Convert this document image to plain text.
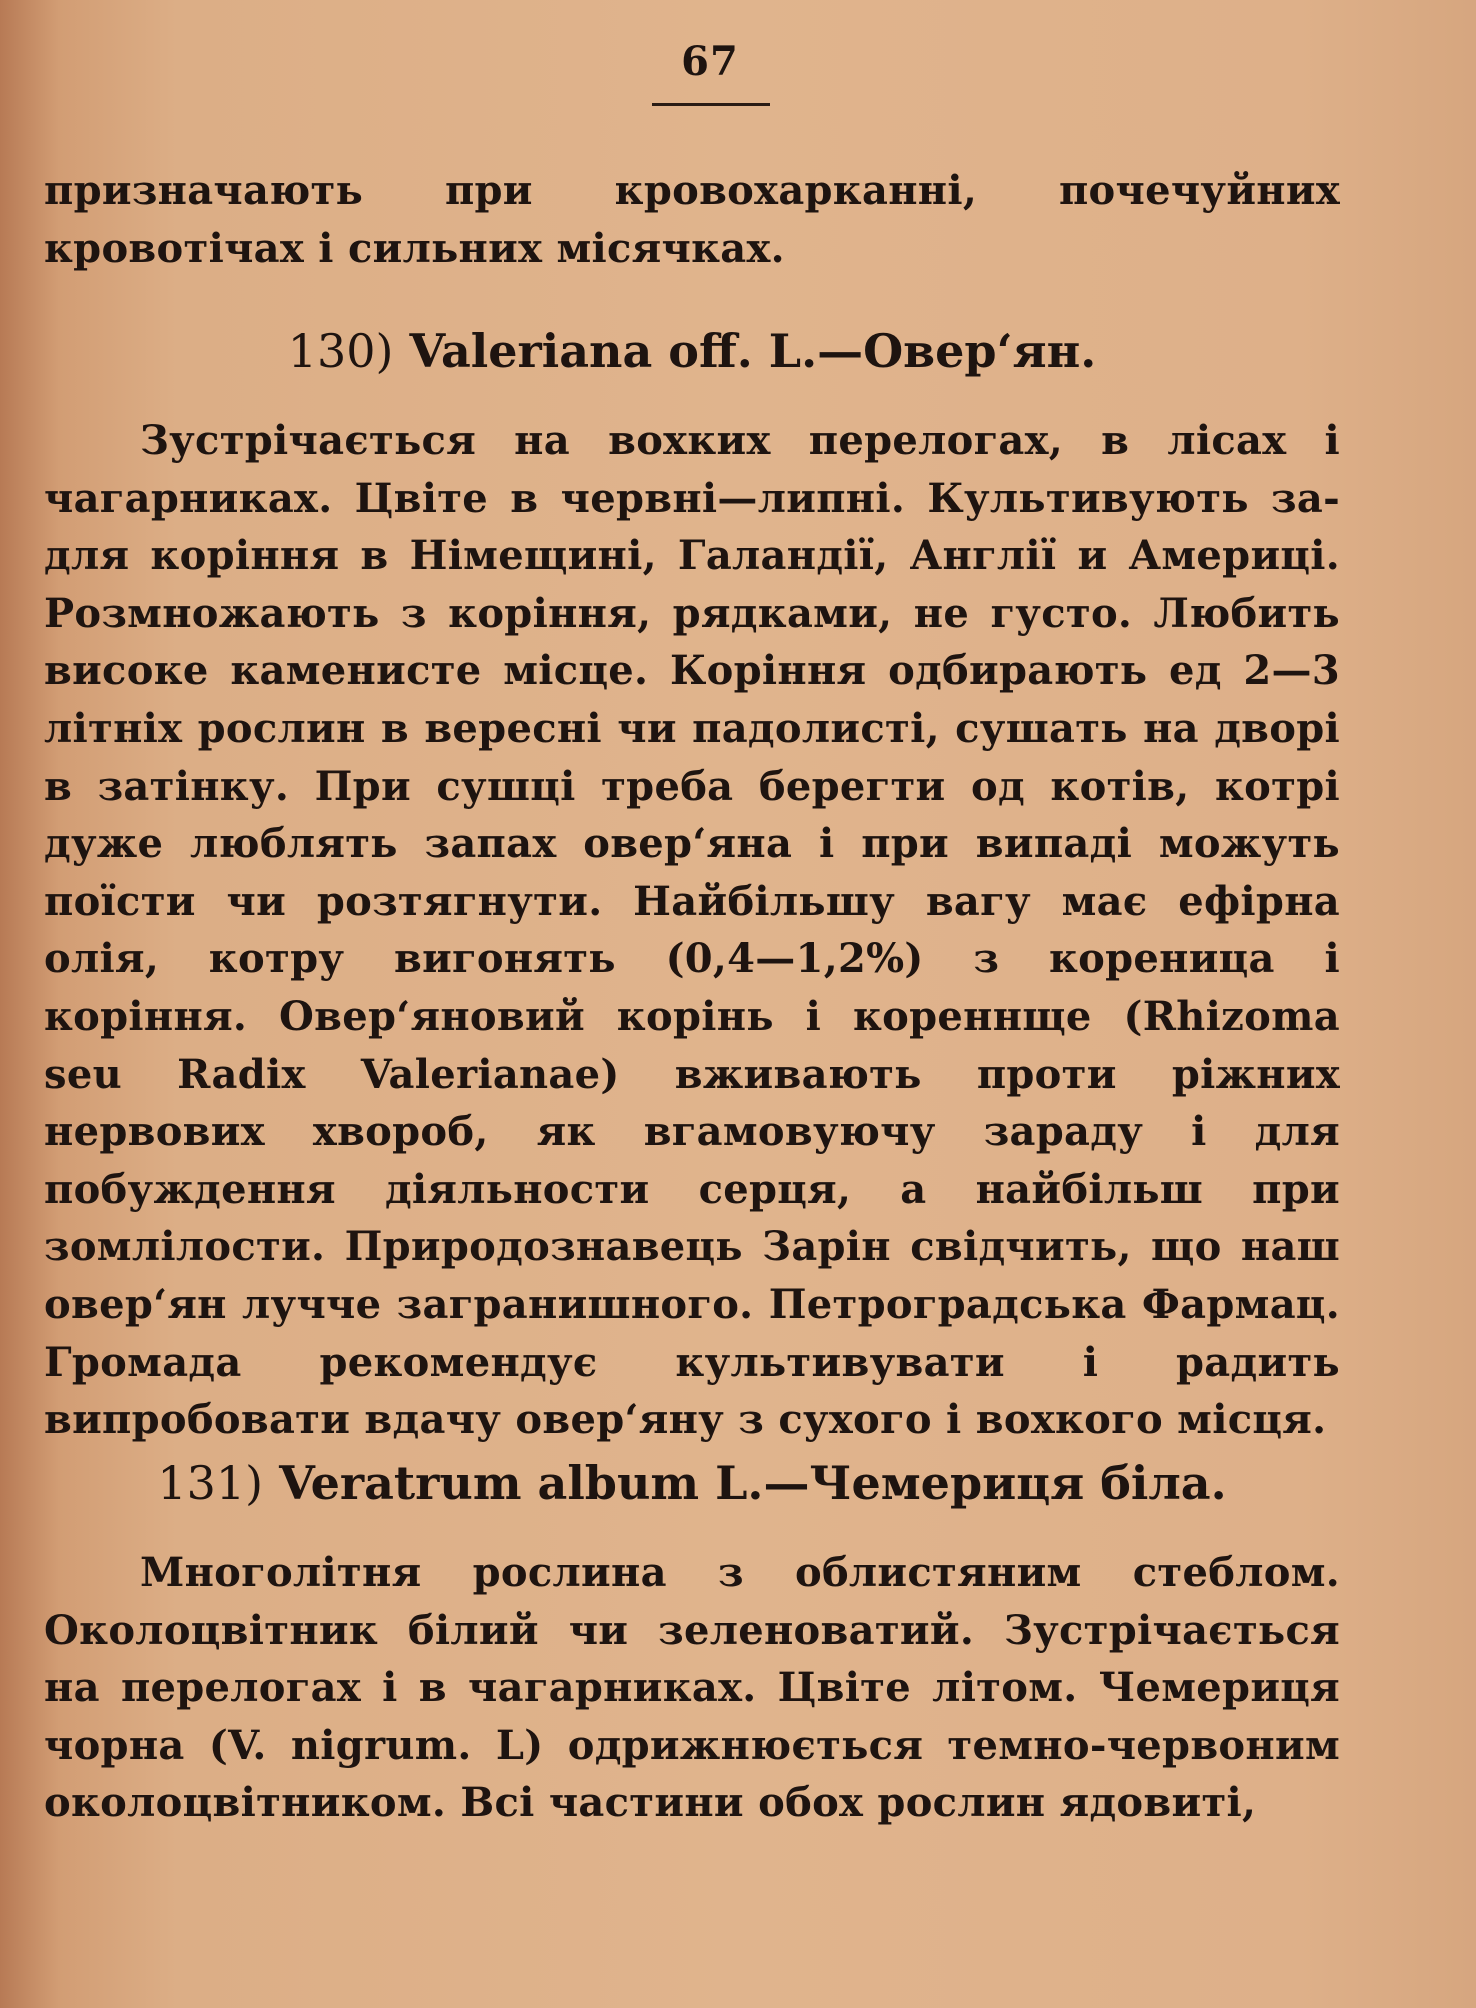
67

призначають при кровохарканні, почечуйних кровотічах і сильних місячках.

130) Valeriana off. L.—Овер‘ян.

Зустрічається на вохких перелогах, в лісах і чагарниках. Цвіте в червні—липні. Культивують за-для коріння в Німещині, Галандії, Англії и Америці. Розмножають з коріння, рядками, не густо. Любить високе каменисте місце. Коріння одбирають ед 2—3 літніх рослин в вересні чи падолисті, сушать на дворі в затінку. При сушці треба берегти од котів, котрі дуже люблять запах овер‘яна і при випаді можуть поїсти чи розтягнути. Найбільшу вагу має ефірна олія, котру вигонять (0,4—1,2%) з кореница і коріння. Овер‘яновий корінь і кореннще (Rhizoma seu Radix Valerianae) вживають проти ріжних нервових хвороб, як вгамовуючу зараду і для побуждення діяльности серця, а найбільш при зомлілости. Природознавець Зарін свідчить, що наш овер‘ян лучче загранишного. Петроградська Фармац. Громада рекомендує культивувати і радить випробовати вдачу овер‘яну з сухого і вохкого місця.

131) Veratrum album L.—Чемериця біла.

Многолітня рослина з облистяним стеблом. Околоцвітник білий чи зеленоватий. Зустрічається на перелогах і в чагарниках. Цвіте літом. Чемериця чорна (V. nigrum. L) одрижнюється темно-червоним околоцвітником. Всі частини обох рослин ядовиті,
